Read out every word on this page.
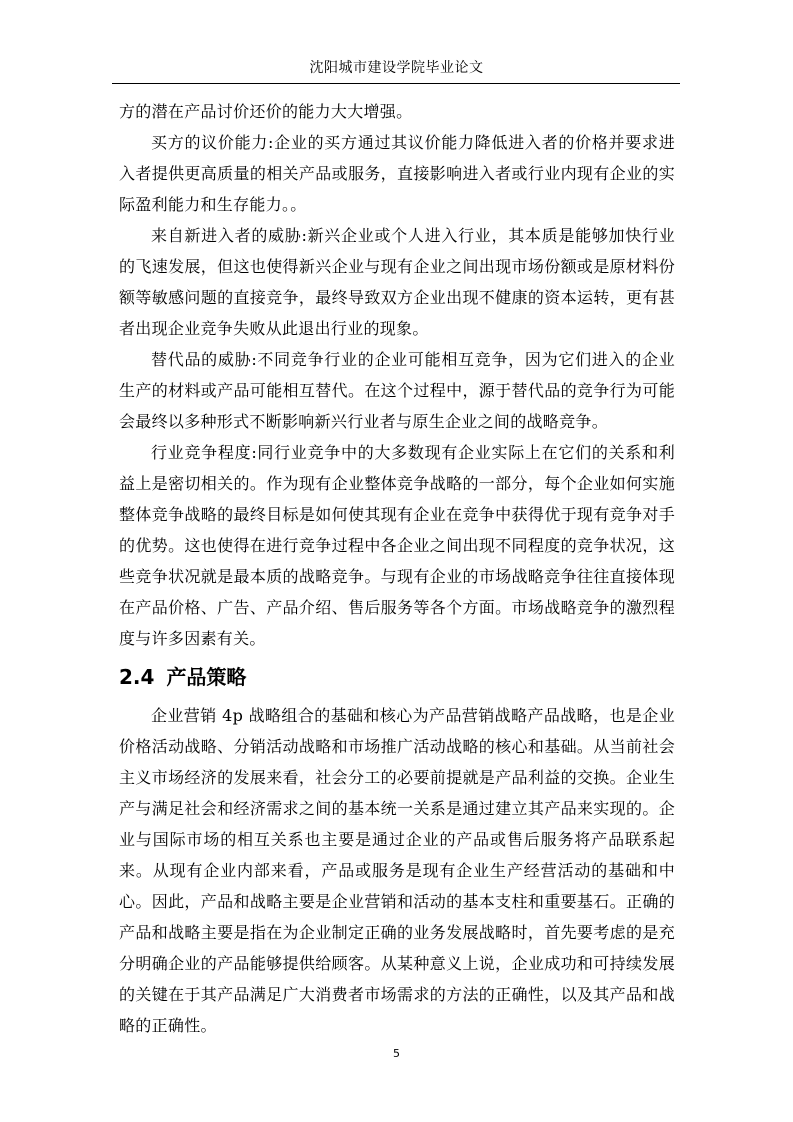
沈阳城市建设学院毕业论文

方的潜在产品讨价还价的能力大大增强。

买方的议价能力:企业的买方通过其议价能力降低进入者的价格并要求进入者提供更高质量的相关产品或服务，直接影响进入者或行业内现有企业的实际盈利能力和生存能力。。

来自新进入者的威胁:新兴企业或个人进入行业，其本质是能够加快行业的飞速发展，但这也使得新兴企业与现有企业之间出现市场份额或是原材料份额等敏感问题的直接竞争，最终导致双方企业出现不健康的资本运转，更有甚者出现企业竞争失败从此退出行业的现象。

替代品的威胁:不同竞争行业的企业可能相互竞争，因为它们进入的企业生产的材料或产品可能相互替代。在这个过程中，源于替代品的竞争行为可能会最终以多种形式不断影响新兴行业者与原生企业之间的战略竞争。

行业竞争程度:同行业竞争中的大多数现有企业实际上在它们的关系和利益上是密切相关的。作为现有企业整体竞争战略的一部分，每个企业如何实施整体竞争战略的最终目标是如何使其现有企业在竞争中获得优于现有竞争对手的优势。这也使得在进行竞争过程中各企业之间出现不同程度的竞争状况，这些竞争状况就是最本质的战略竞争。与现有企业的市场战略竞争往往直接体现在产品价格、广告、产品介绍、售后服务等各个方面。市场战略竞争的激烈程度与许多因素有关。

2.4 产品策略

企业营销 4p 战略组合的基础和核心为产品营销战略产品战略，也是企业价格活动战略、分销活动战略和市场推广活动战略的核心和基础。从当前社会主义市场经济的发展来看，社会分工的必要前提就是产品利益的交换。企业生产与满足社会和经济需求之间的基本统一关系是通过建立其产品来实现的。企业与国际市场的相互关系也主要是通过企业的产品或售后服务将产品联系起来。从现有企业内部来看，产品或服务是现有企业生产经营活动的基础和中心。因此，产品和战略主要是企业营销和活动的基本支柱和重要基石。正确的产品和战略主要是指在为企业制定正确的业务发展战略时，首先要考虑的是充分明确企业的产品能够提供给顾客。从某种意义上说，企业成功和可持续发展的关键在于其产品满足广大消费者市场需求的方法的正确性，以及其产品和战略的正确性。

5
